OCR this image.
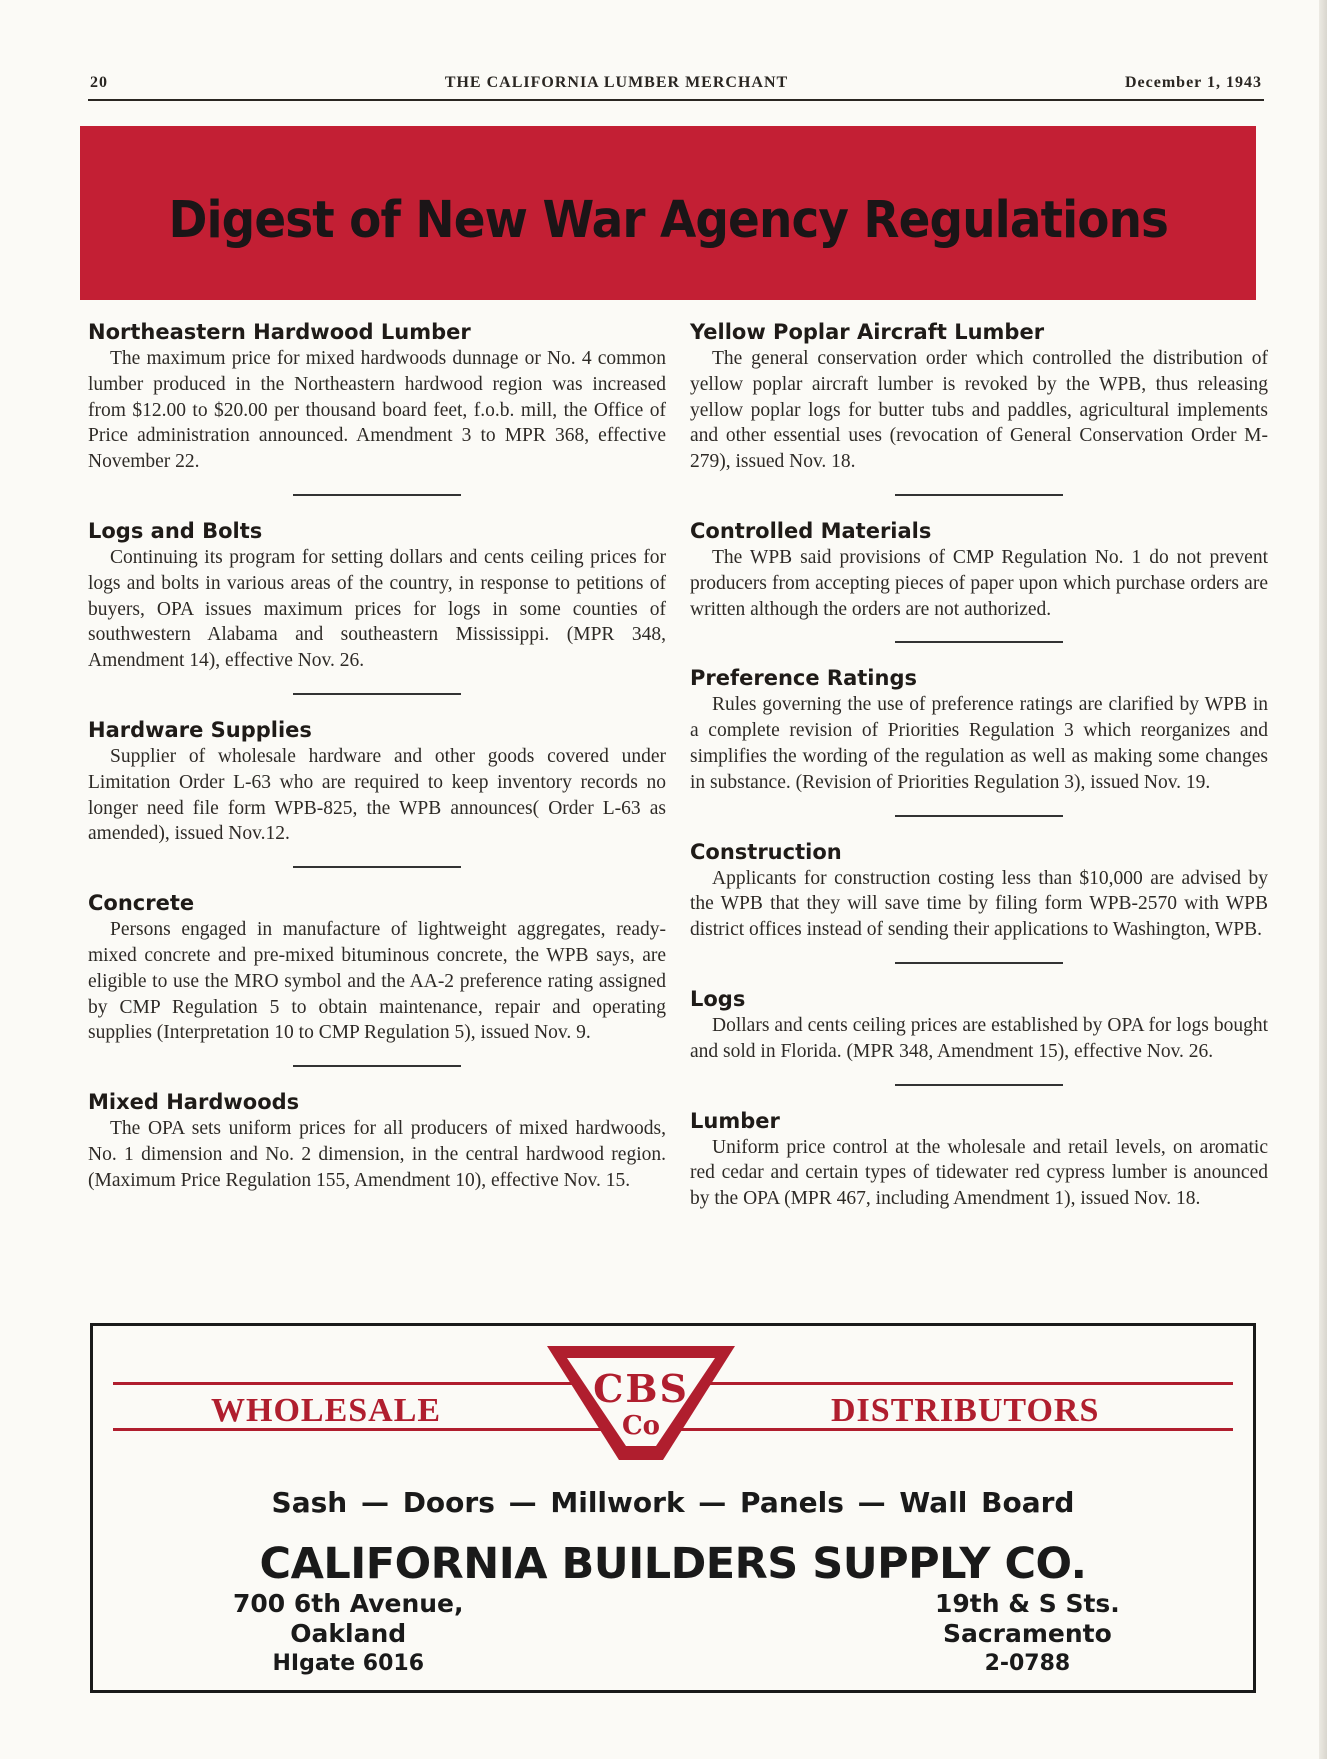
20	THE CALIFORNIA LUMBER MERCHANT	December 1, 1943
Digest of New War Agency Regulations
Northeastern Hardwood Lumber

The maximum price for mixed hardwoods dunnage or No. 4 common lumber produced in the Northeastern hardwood region was increased from $12.00 to $20.00 per thousand board feet, f.o.b. mill, the Office of Price administration announced. Amendment 3 to MPR 368, effective November 22.

Logs and Bolts

Continuing its program for setting dollars and cents ceiling prices for logs and bolts in various areas of the country, in response to petitions of buyers, OPA issues maximum prices for logs in some counties of southwestern Alabama and southeastern Mississippi. (MPR 348, Amendment 14), effective Nov. 26.

Hardware Supplies

Supplier of wholesale hardware and other goods covered under Limitation Order L-63 who are required to keep inventory records no longer need file form WPB-825, the WPB announces( Order L-63 as amended), issued Nov.12.

Concrete

Persons engaged in manufacture of lightweight aggregates, ready-mixed concrete and pre-mixed bituminous concrete, the WPB says, are eligible to use the MRO symbol and the AA-2 preference rating assigned by CMP Regulation 5 to obtain maintenance, repair and operating supplies (Interpretation 10 to CMP Regulation 5), issued Nov. 9.

Mixed Hardwoods

The OPA sets uniform prices for all producers of mixed hardwoods, No. 1 dimension and No. 2 dimension, in the central hardwood region. (Maximum Price Regulation 155, Amendment 10), effective Nov. 15.

Yellow Poplar Aircraft Lumber

The general conservation order which controlled the distribution of yellow poplar aircraft lumber is revoked by the WPB, thus releasing yellow poplar logs for butter tubs and paddles, agricultural implements and other essential uses (revocation of General Conservation Order M-279), issued Nov. 18.

Controlled Materials

The WPB said provisions of CMP Regulation No. 1 do not prevent producers from accepting pieces of paper upon which purchase orders are written although the orders are not authorized.

Preference Ratings

Rules governing the use of preference ratings are clarified by WPB in a complete revision of Priorities Regulation 3 which reorganizes and simplifies the wording of the regulation as well as making some changes in substance. (Revision of Priorities Regulation 3), issued Nov. 19.

Construction

Applicants for construction costing less than $10,000 are advised by the WPB that they will save time by filing form WPB-2570 with WPB district offices instead of sending their applications to Washington, WPB.

Logs

Dollars and cents ceiling prices are established by OPA for logs bought and sold in Florida. (MPR 348, Amendment 15), effective Nov. 26.

Lumber

Uniform price control at the wholesale and retail levels, on aromatic red cedar and certain types of tidewater red cypress lumber is anounced by the OPA (MPR 467, including Amendment 1), issued Nov. 18.

WHOLESALE	DISTRIBUTORS
CBS
Co
Sash — Doors — Millwork — Panels — Wall Board
CALIFORNIA BUILDERS SUPPLY CO.
700 6th Avenue,
Oakland
HIgate 6016
19th & S Sts.
Sacramento
2-0788
